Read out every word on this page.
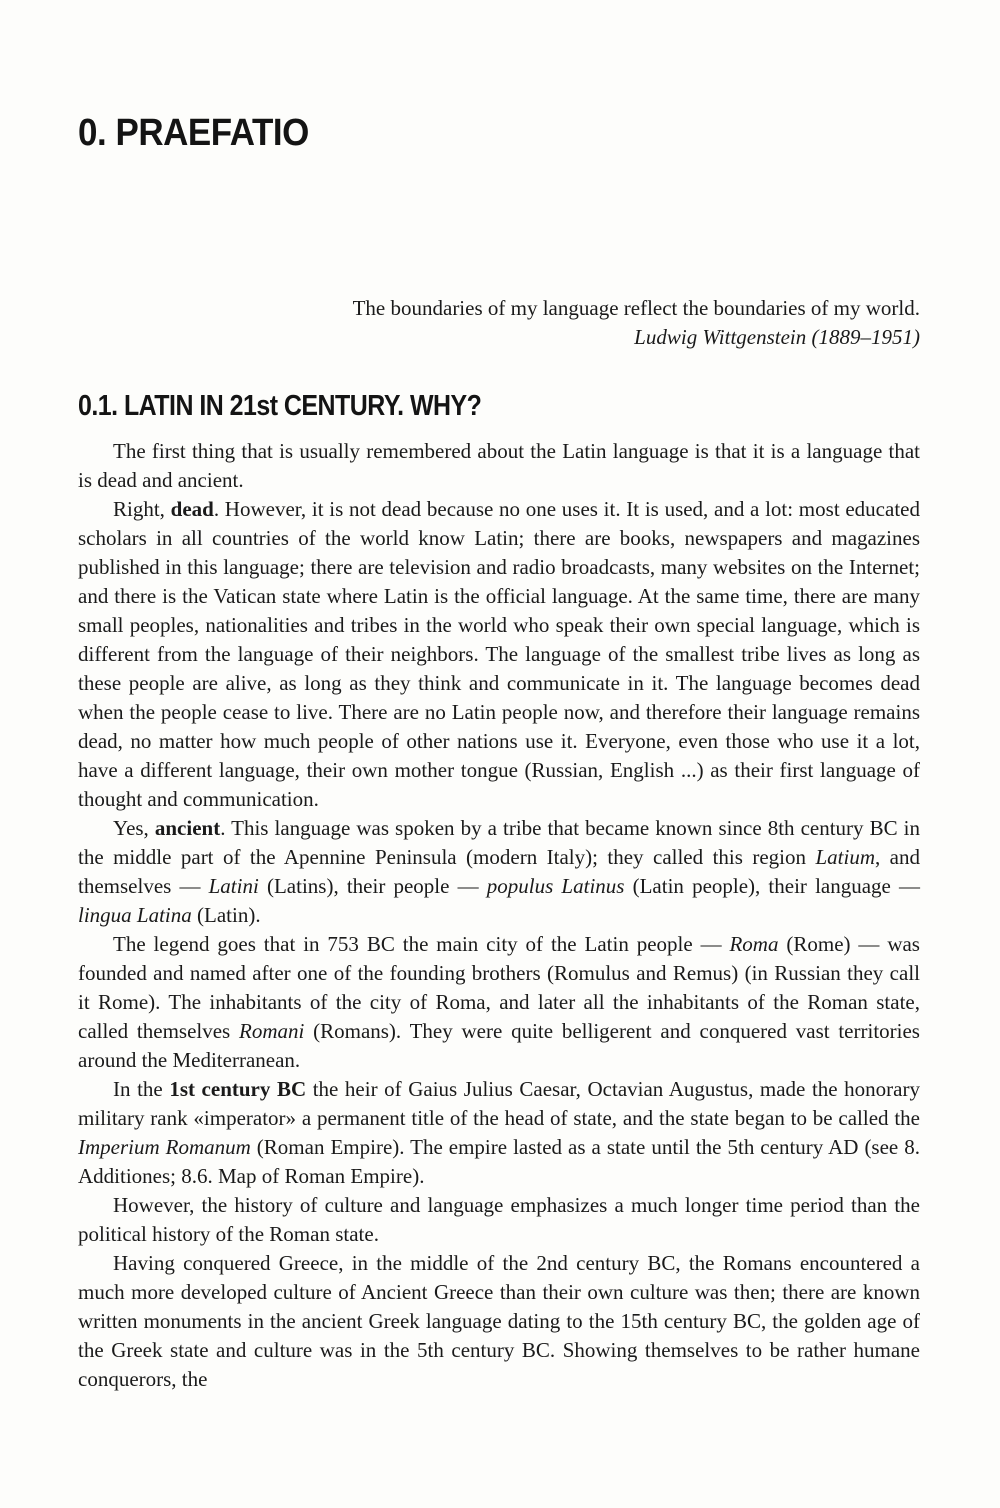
0. PRAEFATIO
The boundaries of my language reflect the boundaries of my world.
Ludwig Wittgenstein (1889–1951)
0.1. LATIN IN 21st CENTURY. WHY?

The first thing that is usually remembered about the Latin language is that it is a language that is dead and ancient.

Right, dead. However, it is not dead because no one uses it. It is used, and a lot: most educated scholars in all countries of the world know Latin; there are books, newspapers and magazines published in this language; there are television and radio broadcasts, many websites on the Internet; and there is the Vatican state where Latin is the official language. At the same time, there are many small peoples, nationalities and tribes in the world who speak their own special language, which is different from the language of their neighbors. The language of the smallest tribe lives as long as these people are alive, as long as they think and communicate in it. The language becomes dead when the people cease to live. There are no Latin people now, and therefore their language remains dead, no matter how much people of other nations use it. Everyone, even those who use it a lot, have a different language, their own mother tongue (Russian, English ...) as their first language of thought and communication.

Yes, ancient. This language was spoken by a tribe that became known since 8th century BC in the middle part of the Apennine Peninsula (modern Italy); they called this region Latium, and themselves — Latini (Latins), their people — populus Latinus (Latin people), their language — lingua Latina (Latin).

The legend goes that in 753 BC the main city of the Latin people — Roma (Rome) — was founded and named after one of the founding brothers (Romulus and Remus) (in Russian they call it Rome). The inhabitants of the city of Roma, and later all the inhabitants of the Roman state, called themselves Romani (Romans). They were quite belligerent and conquered vast territories around the Mediterranean.

In the 1st century BC the heir of Gaius Julius Caesar, Octavian Augustus, made the honorary military rank «imperator» a permanent title of the head of state, and the state began to be called the Imperium Romanum (Roman Empire). The empire lasted as a state until the 5th century AD (see 8. Additiones; 8.6. Map of Roman Empire).

However, the history of culture and language emphasizes a much longer time period than the political history of the Roman state.

Having conquered Greece, in the middle of the 2nd century BC, the Romans encountered a much more developed culture of Ancient Greece than their own culture was then; there are known written monuments in the ancient Greek language dating to the 15th century BC, the golden age of the Greek state and culture was in the 5th century BC. Showing themselves to be rather humane conquerors, the
